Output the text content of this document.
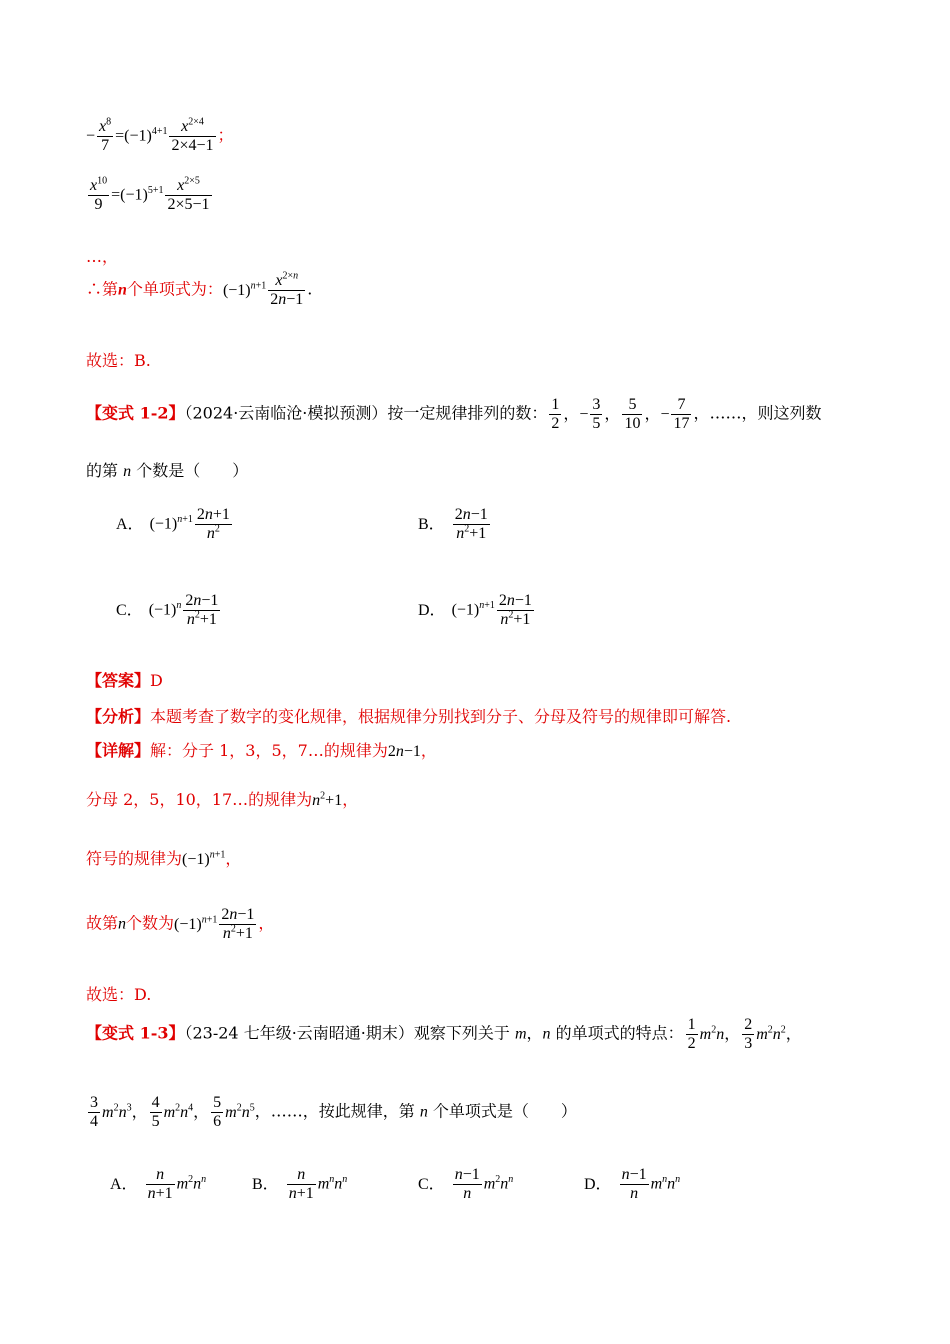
− $\frac{x^8}{7} =(-1)^{4+1} \frac{x^{2\times 4}}{2\times 4-1}$ ；
$\frac{x^{10}}{9} =(-1)^{5+1} \frac{x^{2\times 5}}{2\times 5-1}$
…，
∴第n个单项式为：$(-1)^{n+1} \frac{x^{2\times n}}{2n-1}$ .
故选：B.
【变式 1-2】（2024·云南临沧·模拟预测）按一定规律排列的数： $\frac{1}{2}$ ，− $\frac{3}{5}$ ， $\frac{5}{10}$ ，− $\frac{7}{17}$ ，……，则这列数
的第 n 个数是（　　）
A． $(-1)^{n+1} \frac{2n+1}{n^2}$	B． $\frac{2n-1}{n^2+1}$
C． $(-1)^n \frac{2n-1}{n^2+1}$	D． $(-1)^{n+1} \frac{2n-1}{n^2+1}$
【答案】D
【分析】本题考查了数字的变化规律，根据规律分别找到分子、分母及符号的规律即可解答.
【详解】解：分子 1，3，5，7…的规律为2n−1，
分母 2，5，10，17…的规律为$n^2+1$，
符号的规律为$(-1)^{n+1}$，
故第n个数为$(-1)^{n+1} \frac{2n-1}{n^2+1}$ ，
故选：D.
【变式 1-3】（23-24 七年级·云南昭通·期末）观察下列关于 m，n 的单项式的特点： $\frac{1}{2} m^2n$， $\frac{2}{3} m^2n^2$，
$\frac{3}{4} m^2n^3$， $\frac{4}{5} m^2n^4$， $\frac{5}{6} m^2n^5$，……，按此规律，第 n 个单项式是（　　）
A． $\frac{n}{n+1} m^2n^n$	B． $\frac{n}{n+1} m^nn^n$	C． $\frac{n-1}{n} m^2n^n$	D． $\frac{n-1}{n} m^nn^n$
